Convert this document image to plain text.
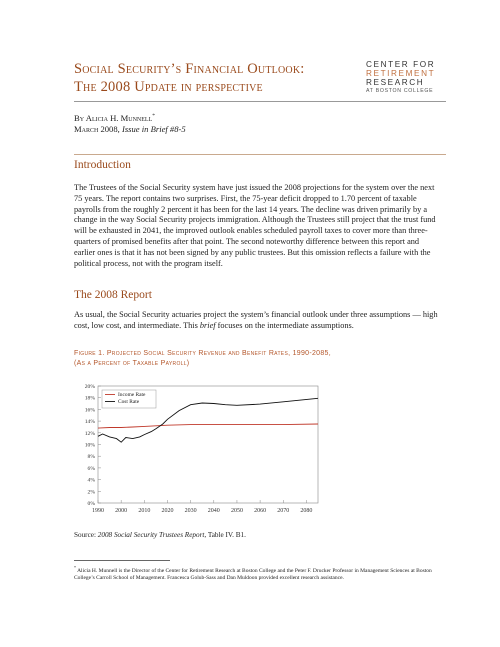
Social Security’s Financial Outlook:
The 2008 Update in perspective
CENTER FOR
RETIREMENT
RESEARCH
AT BOSTON COLLEGE
By Alicia H. Munnell*
March 2008, Issue in Brief #8-5
Introduction
The Trustees of the Social Security system have just issued the 2008 projections for the system over the next 75 years. The report contains two surprises. First, the 75-year deficit dropped to 1.70 percent of taxable payrolls from the roughly 2 percent it has been for the last 14 years. The decline was driven primarily by a change in the way Social Security projects immigration. Although the Trustees still project that the trust fund will be exhausted in 2041, the improved outlook enables scheduled payroll taxes to cover more than three-quarters of promised benefits after that point. The second noteworthy difference between this report and earlier ones is that it has not been signed by any public trustees. But this omission reflects a failure with the political process, not with the program itself.
The 2008 Report
As usual, the Social Security actuaries project the system’s financial outlook under three assumptions — high cost, low cost, and intermediate. This brief focuses on the intermediate assumptions.
Figure 1. Projected Social Security Revenue and Benefit Rates, 1990-2085,
(As a Percent of Taxable Payroll)
0%
2%
4%
6%
8%
10%
12%
14%
16%
18%
20%
1990 2000 2010 2020 2030 2040 2050 2060 2070 2080
Income Rate
Cost Rate
Source: 2008 Social Security Trustees Report, Table IV. B1.
* Alicia H. Munnell is the Director of the Center for Retirement Research at Boston College and the Peter F. Drucker Professor in Management Sciences at Boston College’s Carroll School of Management. Francesca Golub-Sass and Dan Muldoon provided excellent research assistance.
